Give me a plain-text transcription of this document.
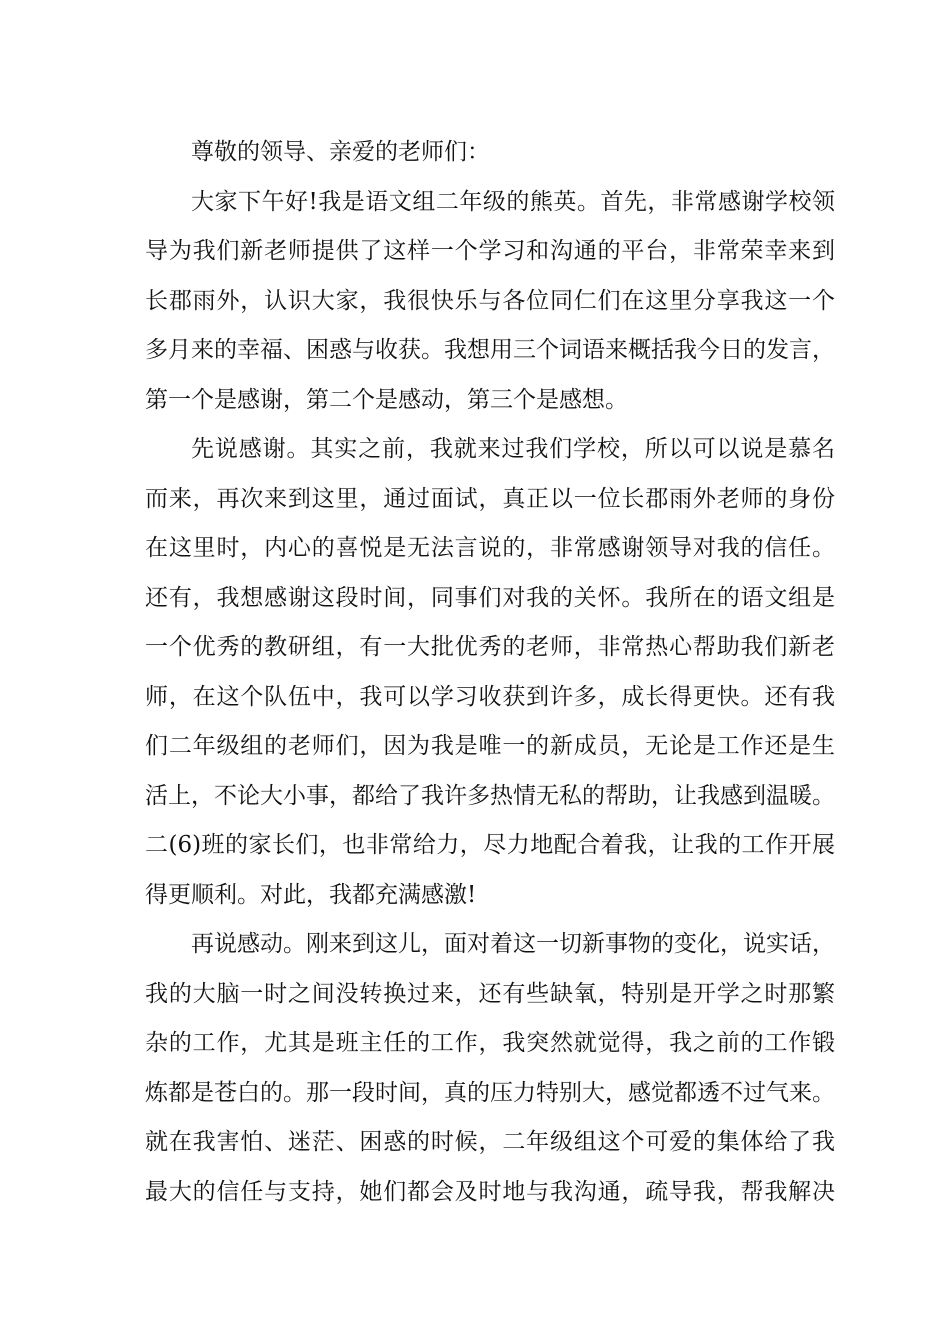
尊敬的领导、亲爱的老师们：
大家下午好!我是语文组二年级的熊英。首先，非常感谢学校领
导为我们新老师提供了这样一个学习和沟通的平台，非常荣幸来到
长郡雨外，认识大家，我很快乐与各位同仁们在这里分享我这一个
多月来的幸福、困惑与收获。我想用三个词语来概括我今日的发言，
第一个是感谢，第二个是感动，第三个是感想。
先说感谢。其实之前，我就来过我们学校，所以可以说是慕名
而来，再次来到这里，通过面试，真正以一位长郡雨外老师的身份
在这里时，内心的喜悦是无法言说的，非常感谢领导对我的信任。
还有，我想感谢这段时间，同事们对我的关怀。我所在的语文组是
一个优秀的教研组，有一大批优秀的老师，非常热心帮助我们新老
师，在这个队伍中，我可以学习收获到许多，成长得更快。还有我
们二年级组的老师们，因为我是唯一的新成员，无论是工作还是生
活上，不论大小事，都给了我许多热情无私的帮助，让我感到温暖。
二(6)班的家长们，也非常给力，尽力地配合着我，让我的工作开展
得更顺利。对此，我都充满感激!
再说感动。刚来到这儿，面对着这一切新事物的变化，说实话，
我的大脑一时之间没转换过来，还有些缺氧，特别是开学之时那繁
杂的工作，尤其是班主任的工作，我突然就觉得，我之前的工作锻
炼都是苍白的。那一段时间，真的压力特别大，感觉都透不过气来。
就在我害怕、迷茫、困惑的时候，二年级组这个可爱的集体给了我
最大的信任与支持，她们都会及时地与我沟通，疏导我，帮我解决
